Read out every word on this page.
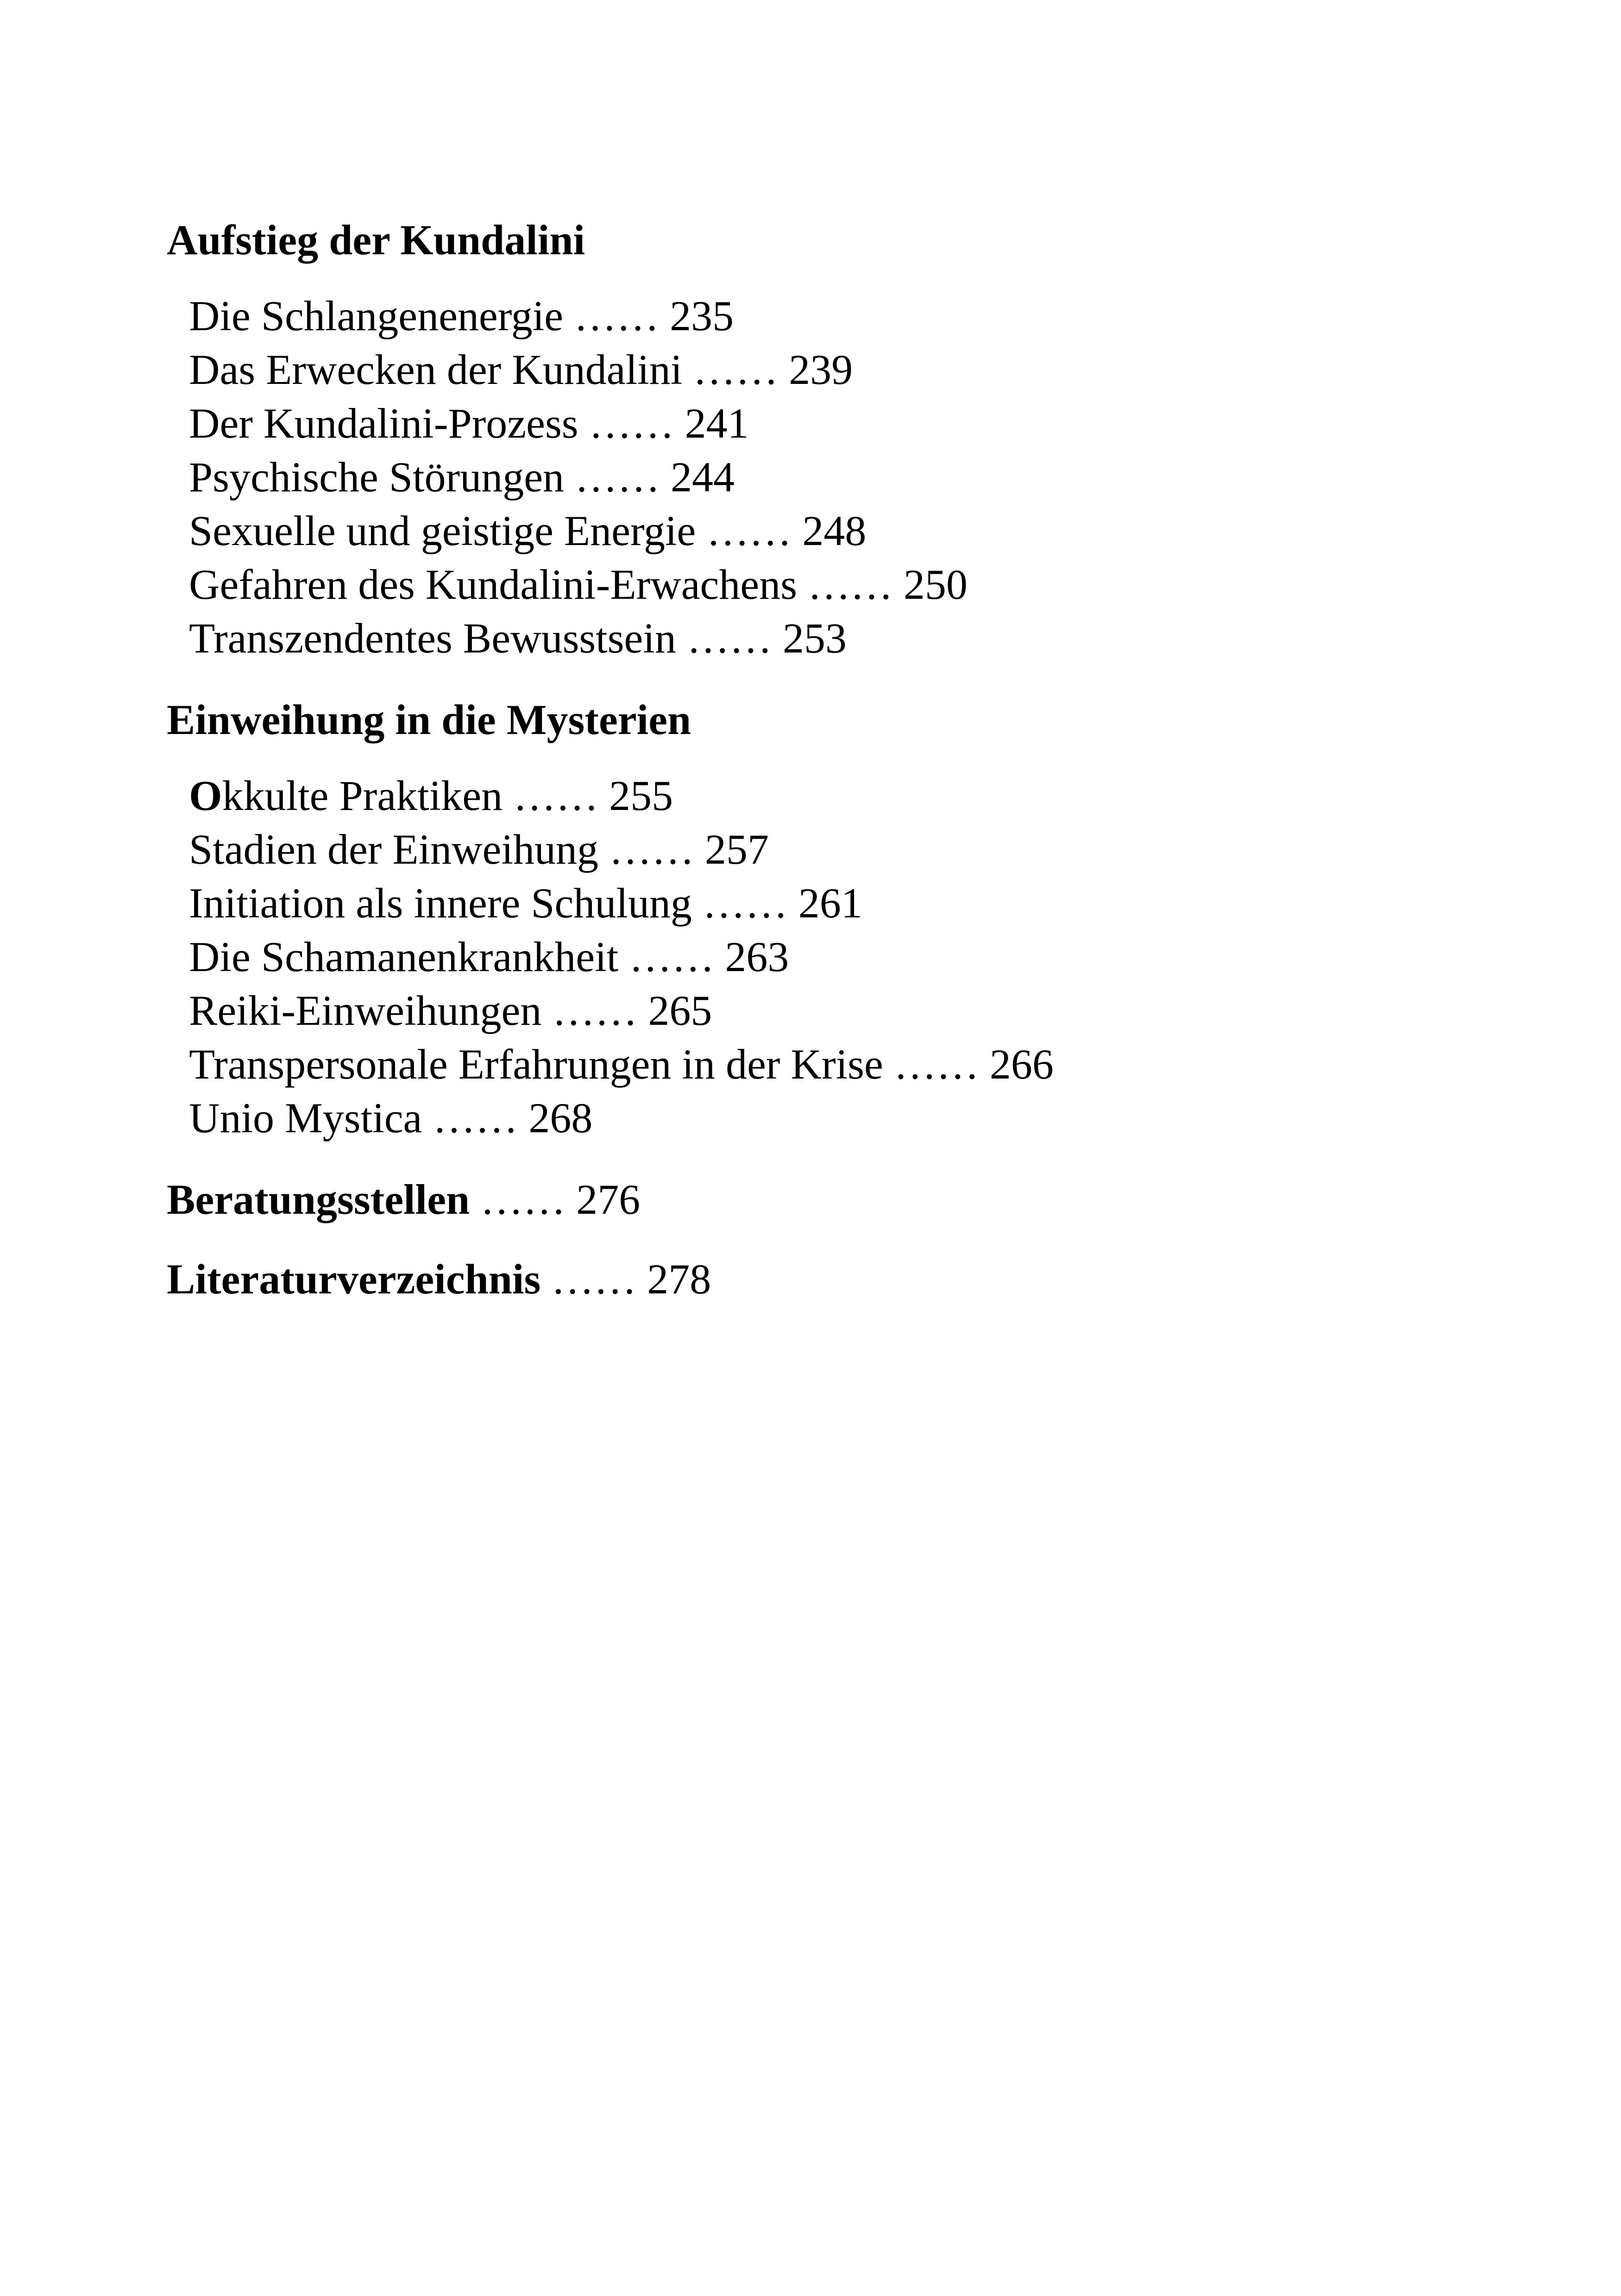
Aufstieg der Kundalini

Die Schlangenenergie …… 235
Das Erwecken der Kundalini …… 239
Der Kundalini-Prozess …… 241
Psychische Störungen …… 244
Sexuelle und geistige Energie …… 248
Gefahren des Kundalini-Erwachens …… 250
Transzendentes Bewusstsein …… 253

Einweihung in die Mysterien

Okkulte Praktiken …… 255
Stadien der Einweihung …… 257
Initiation als innere Schulung …… 261
Die Schamanenkrankheit …… 263
Reiki-Einweihungen …… 265
Transpersonale Erfahrungen in der Krise …… 266
Unio Mystica …… 268

Beratungsstellen …… 276

Literaturverzeichnis …… 278
